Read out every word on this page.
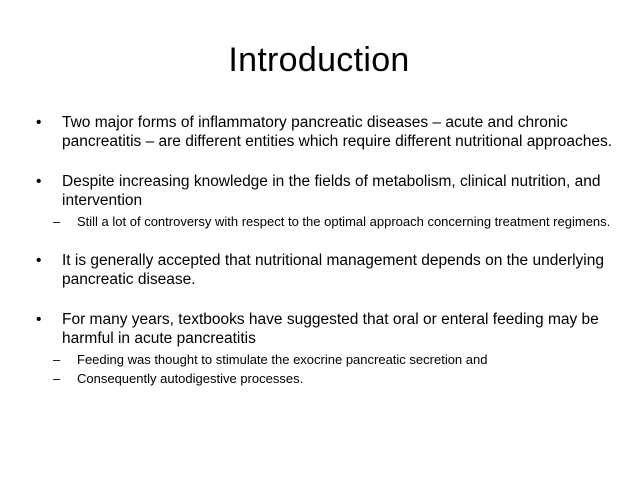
Introduction
•	Two major forms of inflammatory pancreatic diseases – acute and chronic pancreatitis – are different entities which require different nutritional approaches.
•	Despite increasing knowledge in the fields of metabolism, clinical nutrition, and intervention
– Still a lot of controversy with respect to the optimal approach concerning treatment regimens.
•	It is generally accepted that nutritional management depends on the underlying pancreatic disease.
•	For many years, textbooks have suggested that oral or enteral feeding may be harmful in acute pancreatitis
– Feeding was thought to stimulate the exocrine pancreatic secretion and
– Consequently autodigestive processes.
